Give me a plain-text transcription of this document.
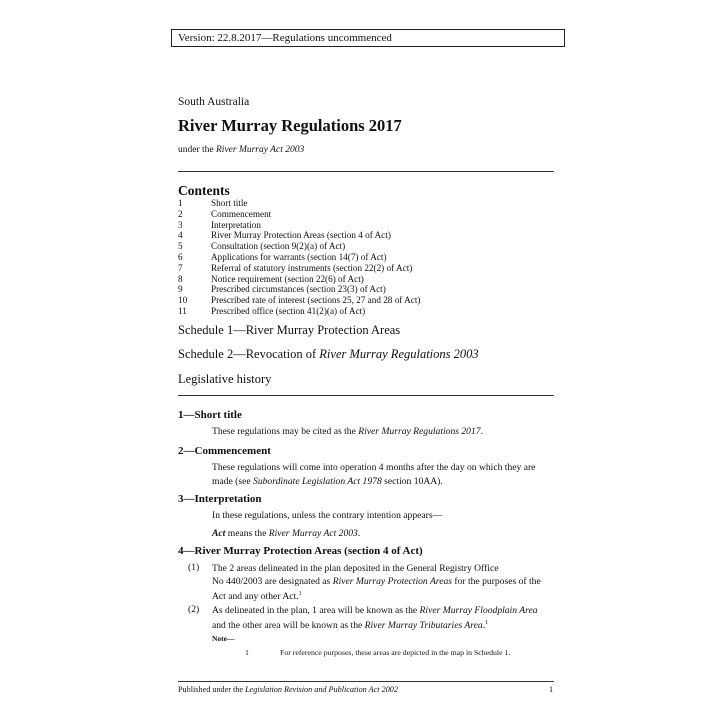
Version: 22.8.2017—Regulations uncommenced
South Australia
River Murray Regulations 2017
under the River Murray Act 2003
Contents
1	Short title
2	Commencement
3	Interpretation
4	River Murray Protection Areas (section 4 of Act)
5	Consultation (section 9(2)(a) of Act)
6	Applications for warrants (section 14(7) of Act)
7	Referral of statutory instruments (section 22(2) of Act)
8	Notice requirement (section 22(6) of Act)
9	Prescribed circumstances (section 23(3) of Act)
10	Prescribed rate of interest (sections 25, 27 and 28 of Act)
11	Prescribed office (section 41(2)(a) of Act)
Schedule 1—River Murray Protection Areas
Schedule 2—Revocation of River Murray Regulations 2003
Legislative history
1—Short title
These regulations may be cited as the River Murray Regulations 2017.
2—Commencement
These regulations will come into operation 4 months after the day on which they are made (see Subordinate Legislation Act 1978 section 10AA).
3—Interpretation
In these regulations, unless the contrary intention appears—
Act means the River Murray Act 2003.
4—River Murray Protection Areas (section 4 of Act)
(1) The 2 areas delineated in the plan deposited in the General Registry Office
No 440/2003 are designated as River Murray Protection Areas for the purposes of the
Act and any other Act.$^1$
(2) As delineated in the plan, 1 area will be known as the River Murray Floodplain Area
and the other area will be known as the River Murray Tributaries Area.$^1$
Note—
1	For reference purposes, these areas are depicted in the map in Schedule 1.
Published under the Legislation Revision and Publication Act 2002	1
